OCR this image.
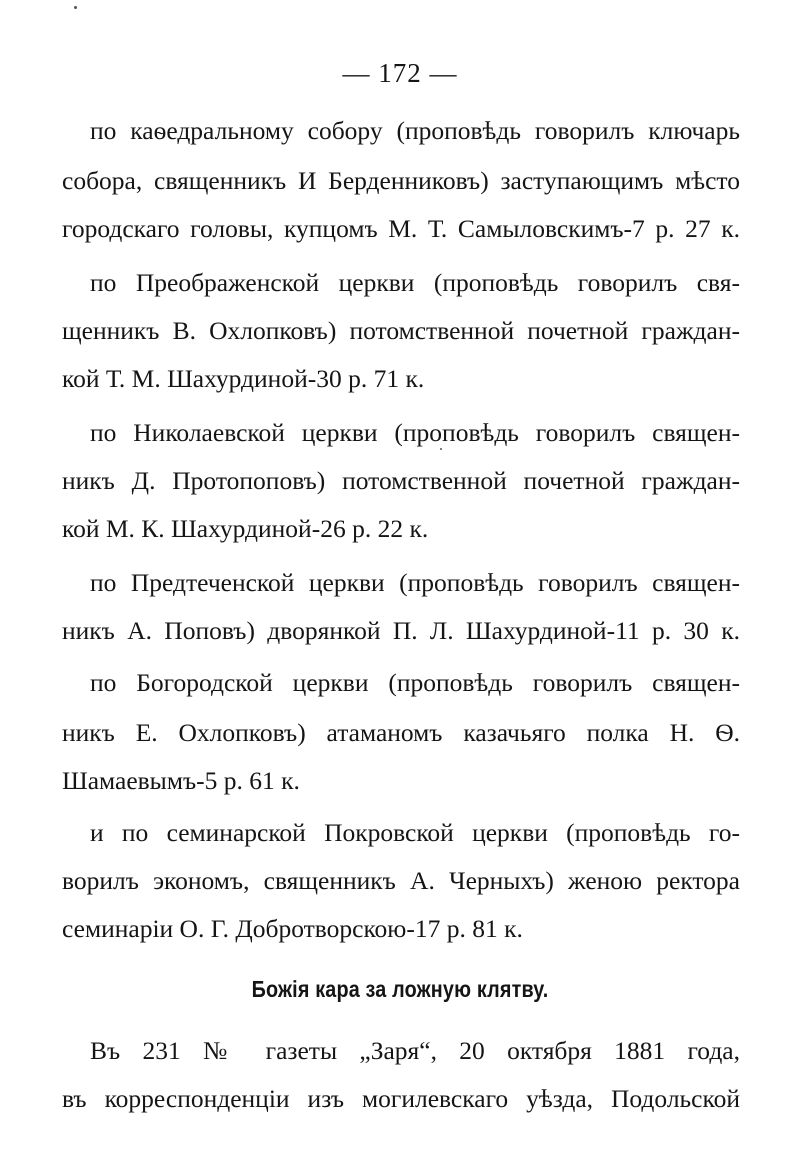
— 172 —
по каѳедральному собору (проповѣдь говорилъ ключарь
собора, священникъ И Берденниковъ) заступающимъ мѣсто
городскаго головы, купцомъ М. Т. Самыловскимъ-7 р. 27 к.
по Преображенской церкви (проповѣдь говорилъ свя-
щенникъ В. Охлопковъ) потомственной почетной граждан-
кой Т. М. Шахурдиной-30 р. 71 к.
по Николаевской церкви (проповѣдь говорилъ священ-
никъ Д. Протопоповъ) потомственной почетной граждан-
кой М. К. Шахурдиной-26 р. 22 к.
по Предтеченской церкви (проповѣдь говорилъ священ-
никъ А. Поповъ) дворянкой П. Л. Шахурдиной-11 р. 30 к.
по Богородской церкви (проповѣдь говорилъ священ-
никъ Е. Охлопковъ) атаманомъ казачьяго полка Н. Ѳ.
Шамаевымъ-5 р. 61 к.
и по семинарской Покровской церкви (проповѣдь го-
ворилъ экономъ, священникъ А. Черныхъ) женою ректора
семинаріи О. Г. Добротворскою-17 р. 81 к.
Божія кара за ложную клятву.
Въ 231 № газеты „Заря“, 20 октября 1881 года,
въ корреспонденціи изъ могилевскаго уѣзда, Подольской
